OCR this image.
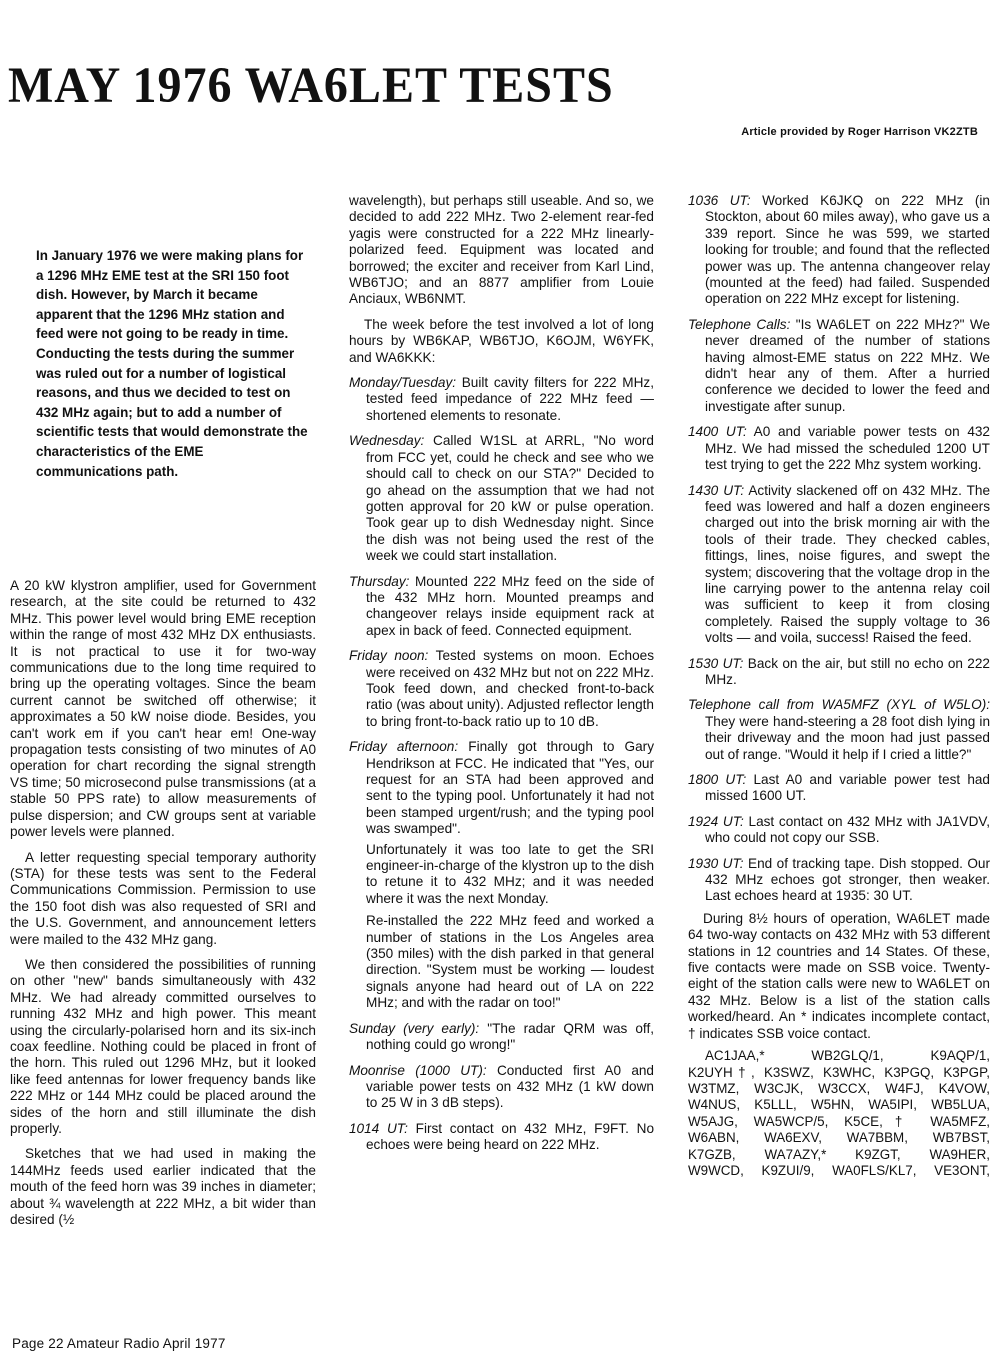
MAY 1976 WA6LET TESTS
Article provided by Roger Harrison VK2ZTB

In January 1976 we were making plans for a 1296 MHz EME test at the SRI 150 foot dish. However, by March it became apparent that the 1296 MHz station and feed were not going to be ready in time. Conducting the tests during the summer was ruled out for a number of logistical reasons, and thus we decided to test on 432 MHz again; but to add a number of scientific tests that would demonstrate the characteristics of the EME communications path.

A 20 kW klystron amplifier, used for Government research, at the site could be returned to 432 MHz. This power level would bring EME reception within the range of most 432 MHz DX enthusiasts. It is not practical to use it for two-way communications due to the long time required to bring up the operating voltages. Since the beam current cannot be switched off otherwise; it approximates a 50 kW noise diode. Besides, you can't work em if you can't hear em! One-way propagation tests consisting of two minutes of A0 operation for chart recording the signal strength VS time; 50 microsecond pulse transmissions (at a stable 50 PPS rate) to allow measurements of pulse dispersion; and CW groups sent at variable power levels were planned.

A letter requesting special temporary authority (STA) for these tests was sent to the Federal Communications Commission. Permission to use the 150 foot dish was also requested of SRI and the U.S. Government, and announcement letters were mailed to the 432 MHz gang.

We then considered the possibilities of running on other "new" bands simultaneously with 432 MHz. We had already committed ourselves to running 432 MHz and high power. This meant using the circularly-polarised horn and its six-inch coax feedline. Nothing could be placed in front of the horn. This ruled out 1296 MHz, but it looked like feed antennas for lower frequency bands like 222 MHz or 144 MHz could be placed around the sides of the horn and still illuminate the dish properly.

Sketches that we had used in making the 144MHz feeds used earlier indicated that the mouth of the feed horn was 39 inches in diameter; about ¾ wavelength at 222 MHz, a bit wider than desired (½

wavelength), but perhaps still useable. And so, we decided to add 222 MHz. Two 2-element rear-fed yagis were constructed for a 222 MHz linearly-polarized feed. Equipment was located and borrowed; the exciter and receiver from Karl Lind, WB6TJO; and an 8877 amplifier from Louie Anciaux, WB6NMT.

The week before the test involved a lot of long hours by WB6KAP, WB6TJO, K6OJM, W6YFK, and WA6KKK:

Monday/Tuesday: Built cavity filters for 222 MHz, tested feed impedance of 222 MHz feed — shortened elements to resonate.
Wednesday: Called W1SL at ARRL, "No word from FCC yet, could he check and see who we should call to check on our STA?" Decided to go ahead on the assumption that we had not gotten approval for 20 kW or pulse operation. Took gear up to dish Wednesday night. Since the dish was not being used the rest of the week we could start installation.
Thursday: Mounted 222 MHz feed on the side of the 432 MHz horn. Mounted preamps and changeover relays inside equipment rack at apex in back of feed. Connected equipment.
Friday noon: Tested systems on moon. Echoes were received on 432 MHz but not on 222 MHz. Took feed down, and checked front-to-back ratio (was about unity). Adjusted reflector length to bring front-to-back ratio up to 10 dB.
Friday afternoon: Finally got through to Gary Hendrikson at FCC. He indicated that "Yes, our request for an STA had been approved and sent to the typing pool. Unfortunately it had not been stamped urgent/rush; and the typing pool was swamped".
Unfortunately it was too late to get the SRI engineer-in-charge of the klystron up to the dish to retune it to 432 MHz; and it was needed where it was the next Monday.
Re-installed the 222 MHz feed and worked a number of stations in the Los Angeles area (350 miles) with the dish parked in that general direction. "System must be working — loudest signals anyone had heard out of LA on 222 MHz; and with the radar on too!"
Sunday (very early): "The radar QRM was off, nothing could go wrong!"
Moonrise (1000 UT): Conducted first A0 and variable power tests on 432 MHz (1 kW down to 25 W in 3 dB steps).
1014 UT: First contact on 432 MHz, F9FT. No echoes were being heard on 222 MHz.
1036 UT: Worked K6JKQ on 222 MHz (in Stockton, about 60 miles away), who gave us a 339 report. Since he was 599, we started looking for trouble; and found that the reflected power was up. The antenna changeover relay (mounted at the feed) had failed. Suspended operation on 222 MHz except for listening.
Telephone Calls: "Is WA6LET on 222 MHz?" We never dreamed of the number of stations having almost-EME status on 222 MHz. We didn't hear any of them. After a hurried conference we decided to lower the feed and investigate after sunup.
1400 UT: A0 and variable power tests on 432 MHz. We had missed the scheduled 1200 UT test trying to get the 222 Mhz system working.
1430 UT: Activity slackened off on 432 MHz. The feed was lowered and half a dozen engineers charged out into the brisk morning air with the tools of their trade. They checked cables, fittings, lines, noise figures, and swept the system; discovering that the voltage drop in the line carrying power to the antenna relay coil was sufficient to keep it from closing completely. Raised the supply voltage to 36 volts — and voila, success! Raised the feed.
1530 UT: Back on the air, but still no echo on 222 MHz.
Telephone call from WA5MFZ (XYL of W5LO): They were hand-steering a 28 foot dish lying in their driveway and the moon had just passed out of range. "Would it help if I cried a little?"
1800 UT: Last A0 and variable power test had missed 1600 UT.
1924 UT: Last contact on 432 MHz with JA1VDV, who could not copy our SSB.
1930 UT: End of tracking tape. Dish stopped. Our 432 MHz echoes got stronger, then weaker. Last echoes heard at 1935: 30 UT.

During 8½ hours of operation, WA6LET made 64 two-way contacts on 432 MHz with 53 different stations in 12 countries and 14 States. Of these, five contacts were made on SSB voice. Twenty-eight of the station calls were new to WA6LET on 432 MHz. Below is a list of the station calls worked/heard. An * indicates incomplete contact, † indicates SSB voice contact.

AC1JAA,* WB2GLQ/1, K9AQP/1,
K2UYH†, K3SWZ, K3WHC, K3PGQ, K3PGP,
W3TMZ, W3CJK, W3CCX, W4FJ, K4VOW,
W4NUS, K5LLL, W5HN, WA5IPI, WB5LUA,
W5AJG, WA5WCP/5, K5CE,† WA5MFZ,
W6ABN, WA6EXV, WA7BBM, WB7BST,
K7GZB, WA7AZY,* K9ZGT, WA9HER,
W9WCD, K9ZUI/9, WA0FLS/KL7, VE3ONT,
Page 22 Amateur Radio April 1977
